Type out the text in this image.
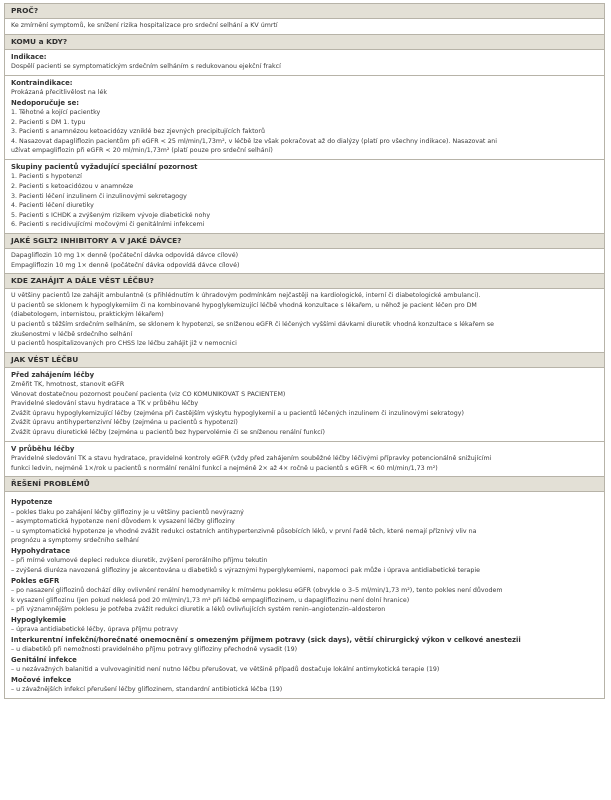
PROČ?
Ke zmírnění symptomů, ke snížení rizika hospitalizace pro srdeční selhání a KV úmrtí
KOMU a KDY?
Indikace:
Dospělí pacienti se symptomatickým srdečním selháním s redukovanou ejekční frakcí
Kontraindikace:
Prokázaná přecitlivělost na lék
Nedoporučuje se:
1. Těhotné a kojící pacientky
2. Pacienti s DM 1. typu
3. Pacienti s anamnézou ketoacidózy vzniklé bez zjevných precipitujících faktorů
4. Nasazovat dapagliflozin pacientům při eGFR < 25 ml/min/1,73m², v léčbě lze však pokračovat až do dialýzy (platí pro všechny indikace). Nasazovat ani
užívat empagliflozin při eGFR < 20 ml/min/1,73m² (platí pouze pro srdeční selhání)
Skupiny pacientů vyžadující speciální pozornost
1. Pacienti s hypotenzí
2. Pacienti s ketoacidózou v anamnéze
3. Pacienti léčení inzulinem či inzulinovými sekretagogy
4. Pacienti léčení diuretiky
5. Pacienti s ICHDK a zvýšeným rizikem vývoje diabetické nohy
6. Pacienti s recidivujícími močovými či genitálními infekcemi
JAKÉ SGLT2 INHIBITORY A V JAKÉ DÁVCE?
Dapagliflozin 10 mg 1× denně (počáteční dávka odpovídá dávce cílové)
Empagliflozin 10 mg 1× denně (počáteční dávka odpovídá dávce cílové)
KDE ZAHÁJIT A DÁLE VÉST LÉČBU?
U většiny pacientů lze zahájit ambulantně (s přihlédnutím k úhradovým podmínkám nejčastěji na kardiologické, interní či diabetologické ambulanci).
U pacientů se sklonem k hypoglykemiím či na kombinované hypoglykemizující léčbě vhodná konzultace s lékařem, u něhož je pacient léčen pro DM
(diabetologem, internistou, praktickým lékařem)
U pacientů s těžším srdečním selháním, se sklonem k hypotenzi, se sníženou eGFR či léčených vyššími dávkami diuretik vhodná konzultace s lékařem se
zkušenostmi v léčbě srdečního selhání
U pacientů hospitalizovaných pro CHSS lze léčbu zahájit již v nemocnici
JAK VÉST LÉČBU
Před zahájením léčby
Změřit TK, hmotnost, stanovit eGFR
Věnovat dostatečnou pozornost poučení pacienta (viz CO KOMUNIKOVAT S PACIENTEM)
Pravidelné sledování stavu hydratace a TK v průběhu léčby
Zvážit úpravu hypoglykemizující léčby (zejména při častějším výskytu hypoglykemií a u pacientů léčených inzulinem či inzulinovými sekratogy)
Zvážit úpravu antihypertenzivní léčby (zejména u pacientů s hypotenzí)
Zvážit úpravu diuretické léčby (zejména u pacientů bez hypervolémie či se sníženou renální funkcí)
V průběhu léčby
Pravidelné sledování TK a stavu hydratace, pravidelné kontroly eGFR (vždy před zahájením souběžné léčby léčivými přípravky potencionálně snižujícími
funkci ledvin, nejméně 1×/rok u pacientů s normální renální funkcí a nejméně 2× až 4× ročně u pacientů s eGFR < 60 ml/min/1,73 m²)
ŘEŠENÍ PROBLÉMŮ
Hypotenze
– pokles tlaku po zahájení léčby glifloziny je u většiny pacientů nevýrazný
– asymptomatická hypotenze není důvodem k vysazení léčby glifloziny
– u symptomatické hypotenze je vhodné zvážit redukci ostatních antihypertenzivně působících léků, v první řadě těch, které nemají příznivý vliv na
prognózu a symptomy srdečního selhání
Hypohydratace
– při mírné volumové depleci redukce diuretik, zvýšení perorálního příjmu tekutin
– zvýšená diuréza navozená glifloziny je akcentována u diabetiků s výraznými hyperglykemiemi, napomoci pak může i úprava antidiabetické terapie
Pokles eGFR
– po nasazení gliflozinů dochází díky ovlivnění renální hemodynamiky k mírnému poklesu eGFR (obvykle o 3–5 ml/min/1,73 m²), tento pokles není důvodem
k vysazení gliflozinu (jen pokud neklesá pod 20 ml/min/1,73 m² při léčbě empagliflozinem, u dapagliflozinu není dolní hranice)
– při významnějším poklesu je potřeba zvážit redukci diuretik a léků ovlivňujících systém renin–angiotenzin–aldosteron
Hypoglykemie
– úprava antidiabetické léčby, úprava příjmu potravy
Interkurentní infekční/horečnaté onemocnění s omezeným příjmem potravy (sick days), větší chirurgický výkon v celkové anestezii
– u diabetiků při nemožnosti pravidelného příjmu potravy glifloziny přechodně vysadit (19)
Genitální infekce
– u nezávažných balanitid a vulvovaginitid není nutno léčbu přerušovat, ve většině případů dostačuje lokální antimykotická terapie (19)
Močové infekce
– u závažnějších infekcí přerušení léčby gliflozinem, standardní antibiotická léčba (19)
